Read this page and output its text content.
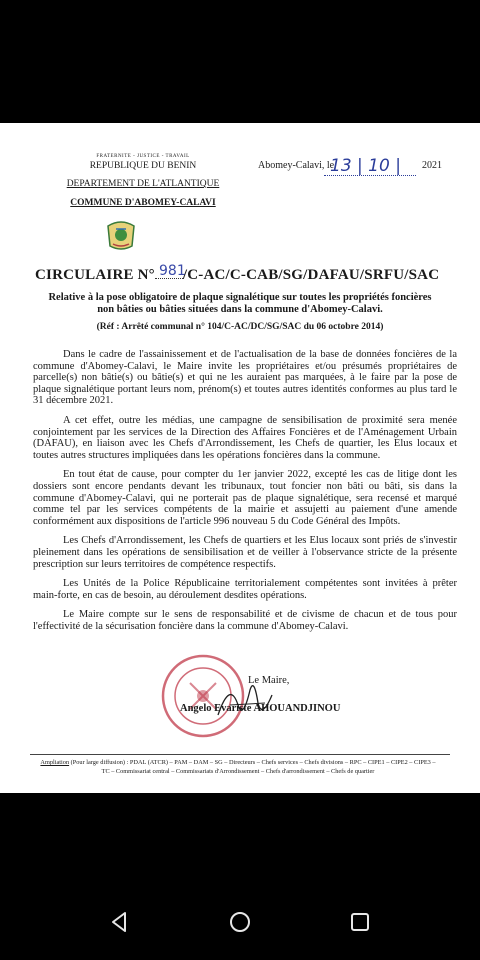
FRATERNITE - JUSTICE - TRAVAIL
REPUBLIQUE DU BENIN
DEPARTEMENT DE L'ATLANTIQUE
COMMUNE D'ABOMEY-CALAVI
Abomey-Calavi, le
13 | 10 | 2021
CIRCULAIRE N° /C-AC/C-CAB/SG/DAFAU/SRFU/SAC
981
Relative à la pose obligatoire de plaque signalétique sur toutes les propriétés foncières non bâties ou bâties situées dans la commune d'Abomey-Calavi.
(Réf : Arrêté communal n° 104/C-AC/DC/SG/SAC du 06 octobre 2014)

Dans le cadre de l'assainissement et de l'actualisation de la base de données foncières de la commune d'Abomey-Calavi, le Maire invite les propriétaires et/ou présumés propriétaires de parcelle(s) non bâtie(s) ou bâtie(s) et qui ne les auraient pas marquées, à le faire par la pose de plaque signalétique portant leurs nom, prénom(s) et toutes autres identités conformes au plus tard le 31 décembre 2021.

A cet effet, outre les médias, une campagne de sensibilisation de proximité sera menée conjointement par les services de la Direction des Affaires Foncières et de l'Aménagement Urbain (DAFAU), en liaison avec les Chefs d'Arrondissement, les Chefs de quartier, les Elus locaux et toutes autres structures impliquées dans les opérations foncières dans la commune.

En tout état de cause, pour compter du 1er janvier 2022, excepté les cas de litige dont les dossiers sont encore pendants devant les tribunaux, tout foncier non bâti ou bâti, sis dans la commune d'Abomey-Calavi, qui ne porterait pas de plaque signalétique, sera recensé et marqué comme tel par les services compétents de la mairie et assujetti au paiement d'une amende conformément aux dispositions de l'article 996 nouveau 5 du Code Général des Impôts.

Les Chefs d'Arrondissement, les Chefs de quartiers et les Elus locaux sont priés de s'investir pleinement dans les opérations de sensibilisation et de veiller à l'observance stricte de la présente prescription sur leurs territoires de compétence respectifs.

Les Unités de la Police Républicaine territorialement compétentes sont invitées à prêter main-forte, en cas de besoin, au déroulement desdites opérations.

Le Maire compte sur le sens de responsabilité et de civisme de chacun et de tous pour l'effectivité de la sécurisation foncière dans la commune d'Abomey-Calavi.

Le Maire,
Angelo Evariste AHOUANDJINOU
Ampliation (Pour large diffusion) : PDAL (ATCR) – PAM – DAM – SG – Directeurs – Chefs services – Chefs divisions – RPC – CIPE1 – CIPE2 – CIPE3 – TC – Commissariat central – Commissariats d'Arrondissement – Chefs d'arrondissement – Chefs de quartier
